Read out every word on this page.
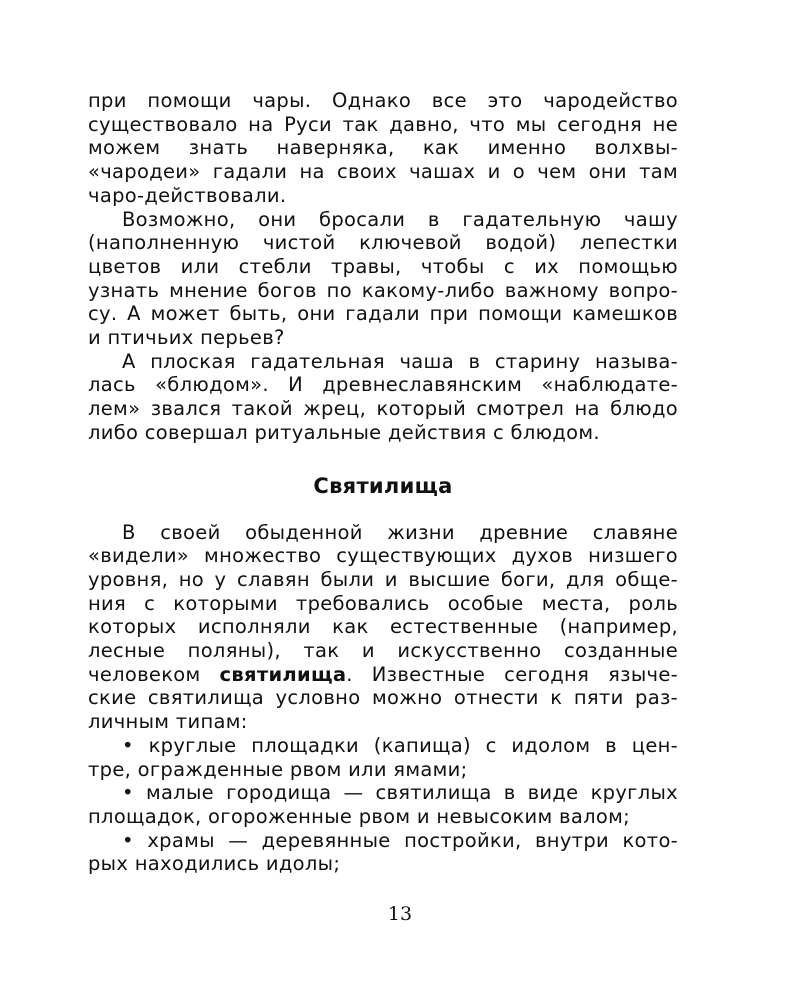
при помощи чары. Однако все это чародейство
существовало на Руси так давно, что мы сегодня не
можем знать наверняка, как именно волхвы-
«чародеи» гадали на своих чашах и о чем они там
чаро-действовали.
Возможно, они бросали в гадательную чашу
(наполненную чистой ключевой водой) лепестки
цветов или стебли травы, чтобы с их помощью
узнать мнение богов по какому-либо важному вопро-
су. А может быть, они гадали при помощи камешков
и птичьих перьев?
А плоская гадательная чаша в старину называ-
лась «блюдом». И древнеславянским «наблюдате-
лем» звался такой жрец, который смотрел на блюдо
либо совершал ритуальные действия с блюдом.
Святилища
В своей обыденной жизни древние славяне
«видели» множество существующих духов низшего
уровня, но у славян были и высшие боги, для обще-
ния с которыми требовались особые места, роль
которых исполняли как естественные (например,
лесные поляны), так и искусственно созданные
человеком святилища. Известные сегодня языче-
ские святилища условно можно отнести к пяти раз-
личным типам:
• круглые площадки (капища) с идолом в цен-
тре, огражденные рвом или ямами;
• малые городища — святилища в виде круглых
площадок, огороженные рвом и невысоким валом;
• храмы — деревянные постройки, внутри кото-
рых находились идолы;
13
